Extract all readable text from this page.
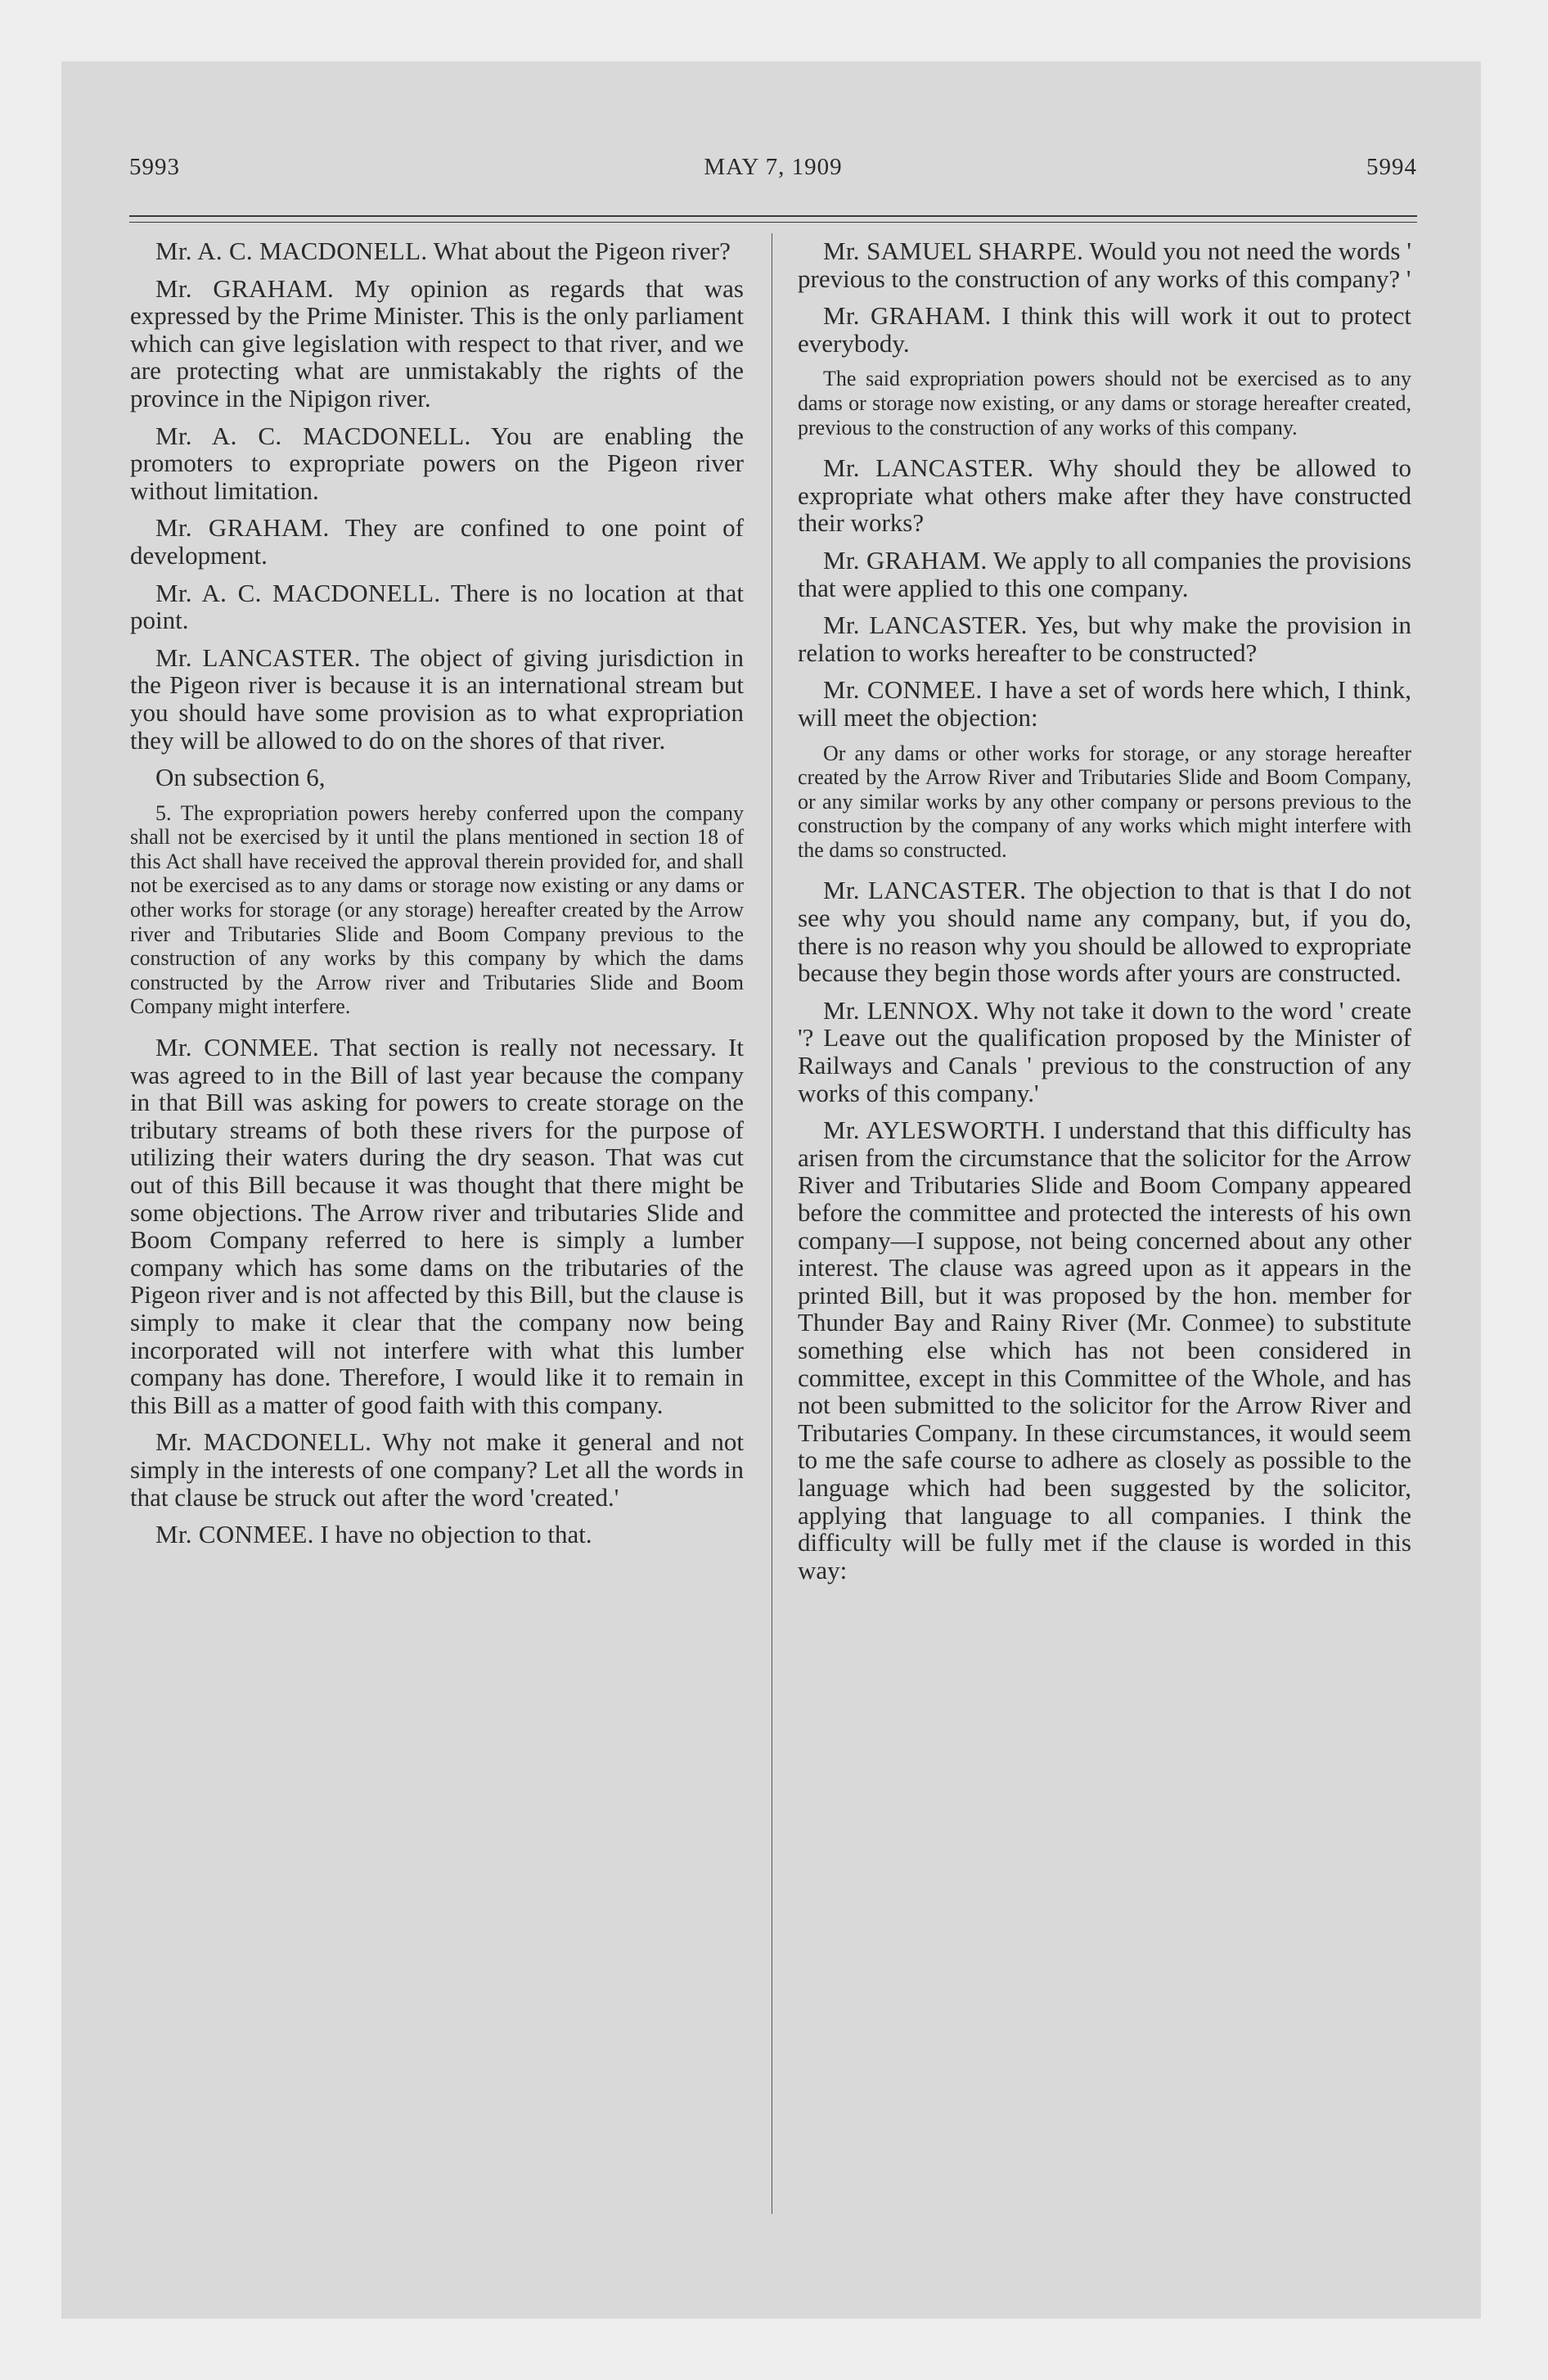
5993	MAY 7, 1909	5994

Mr. A. C. MACDONELL. What about the Pigeon river?

Mr. GRAHAM. My opinion as regards that was expressed by the Prime Minister. This is the only parliament which can give legislation with respect to that river, and we are protecting what are unmistakably the rights of the province in the Nipigon river.

Mr. A. C. MACDONELL. You are enabling the promoters to expropriate powers on the Pigeon river without limitation.

Mr. GRAHAM. They are confined to one point of development.

Mr. A. C. MACDONELL. There is no location at that point.

Mr. LANCASTER. The object of giving jurisdiction in the Pigeon river is because it is an international stream but you should have some provision as to what expropriation they will be allowed to do on the shores of that river.

On subsection 6,

5. The expropriation powers hereby conferred upon the company shall not be exercised by it until the plans mentioned in section 18 of this Act shall have received the approval therein provided for, and shall not be exercised as to any dams or storage now existing or any dams or other works for storage (or any storage) hereafter created by the Arrow river and Tributaries Slide and Boom Company previous to the construction of any works by this company by which the dams constructed by the Arrow river and Tributaries Slide and Boom Company might interfere.

Mr. CONMEE. That section is really not necessary. It was agreed to in the Bill of last year because the company in that Bill was asking for powers to create storage on the tributary streams of both these rivers for the purpose of utilizing their waters during the dry season. That was cut out of this Bill because it was thought that there might be some objections. The Arrow river and tributaries Slide and Boom Company referred to here is simply a lumber company which has some dams on the tributaries of the Pigeon river and is not affected by this Bill, but the clause is simply to make it clear that the company now being incorporated will not interfere with what this lumber company has done. Therefore, I would like it to remain in this Bill as a matter of good faith with this company.

Mr. MACDONELL. Why not make it general and not simply in the interests of one company? Let all the words in that clause be struck out after the word 'created.'

Mr. CONMEE. I have no objection to that.

Mr. SAMUEL SHARPE. Would you not need the words ' previous to the construction of any works of this company? '

Mr. GRAHAM. I think this will work it out to protect everybody.

The said expropriation powers should not be exercised as to any dams or storage now existing, or any dams or storage hereafter created, previous to the construction of any works of this company.

Mr. LANCASTER. Why should they be allowed to expropriate what others make after they have constructed their works?

Mr. GRAHAM. We apply to all companies the provisions that were applied to this one company.

Mr. LANCASTER. Yes, but why make the provision in relation to works hereafter to be constructed?

Mr. CONMEE. I have a set of words here which, I think, will meet the objection:

Or any dams or other works for storage, or any storage hereafter created by the Arrow River and Tributaries Slide and Boom Company, or any similar works by any other company or persons previous to the construction by the company of any works which might interfere with the dams so constructed.

Mr. LANCASTER. The objection to that is that I do not see why you should name any company, but, if you do, there is no reason why you should be allowed to expropriate because they begin those words after yours are constructed.

Mr. LENNOX. Why not take it down to the word ' create '? Leave out the qualification proposed by the Minister of Railways and Canals ' previous to the construction of any works of this company.'

Mr. AYLESWORTH. I understand that this difficulty has arisen from the circumstance that the solicitor for the Arrow River and Tributaries Slide and Boom Company appeared before the committee and protected the interests of his own company—I suppose, not being concerned about any other interest. The clause was agreed upon as it appears in the printed Bill, but it was proposed by the hon. member for Thunder Bay and Rainy River (Mr. Conmee) to substitute something else which has not been considered in committee, except in this Committee of the Whole, and has not been submitted to the solicitor for the Arrow River and Tributaries Company. In these circumstances, it would seem to me the safe course to adhere as closely as possible to the language which had been suggested by the solicitor, applying that language to all companies. I think the difficulty will be fully met if the clause is worded in this way:
